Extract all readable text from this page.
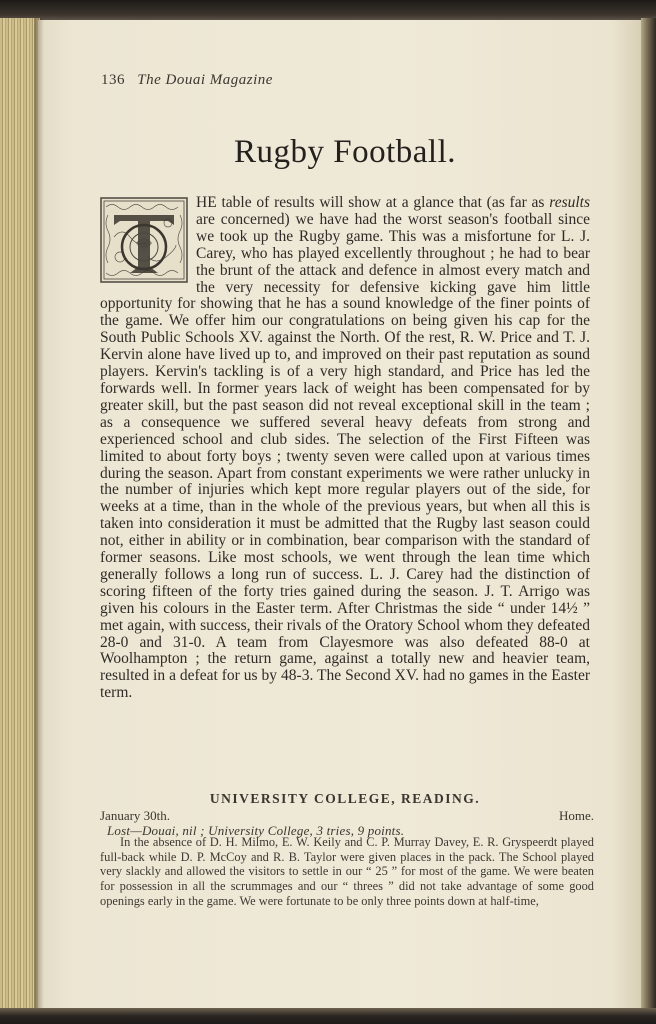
136 The Douai Magazine
Rugby Football.

HE table of results will show at a glance that (as far as results are concerned) we have had the worst season's football since we took up the Rugby game. This was a misfortune for L. J. Carey, who has played excellently throughout ; he had to bear the brunt of the attack and defence in almost every match and the very necessity for defensive kicking gave him little opportunity for showing that he has a sound knowledge of the finer points of the game. We offer him our congratulations on being given his cap for the South Public Schools XV. against the North. Of the rest, R. W. Price and T. J. Kervin alone have lived up to, and improved on their past reputation as sound players. Kervin's tackling is of a very high standard, and Price has led the forwards well. In former years lack of weight has been compensated for by greater skill, but the past season did not reveal exceptional skill in the team ; as a consequence we suffered several heavy defeats from strong and experienced school and club sides. The selection of the First Fifteen was limited to about forty boys ; twenty seven were called upon at various times during the season. Apart from constant experiments we were rather unlucky in the number of injuries which kept more regular players out of the side, for weeks at a time, than in the whole of the previous years, but when all this is taken into consideration it must be admitted that the Rugby last season could not, either in ability or in combination, bear comparison with the standard of former seasons. Like most schools, we went through the lean time which generally follows a long run of success. L. J. Carey had the distinction of scoring fifteen of the forty tries gained during the season. J. T. Arrigo was given his colours in the Easter term. After Christmas the side “ under 14½ ” met again, with success, their rivals of the Oratory School whom they defeated 28-0 and 31-0. A team from Clayesmore was also defeated 88-0 at Woolhampton ; the return game, against a totally new and heavier team, resulted in a defeat for us by 48-3. The Second XV. had no games in the Easter term.

UNIVERSITY COLLEGE, READING.
January 30th.	Home.
Lost—Douai, nil ; University College, 3 tries, 9 points.

In the absence of D. H. Milmo, E. W. Keily and C. P. Murray Davey, E. R. Gryspeerdt played full-back while D. P. McCoy and R. B. Taylor were given places in the pack. The School played very slackly and allowed the visitors to settle in our “ 25 ” for most of the game. We were beaten for possession in all the scrummages and our “ threes ” did not take advantage of some good openings early in the game. We were fortunate to be only three points down at half-time,
